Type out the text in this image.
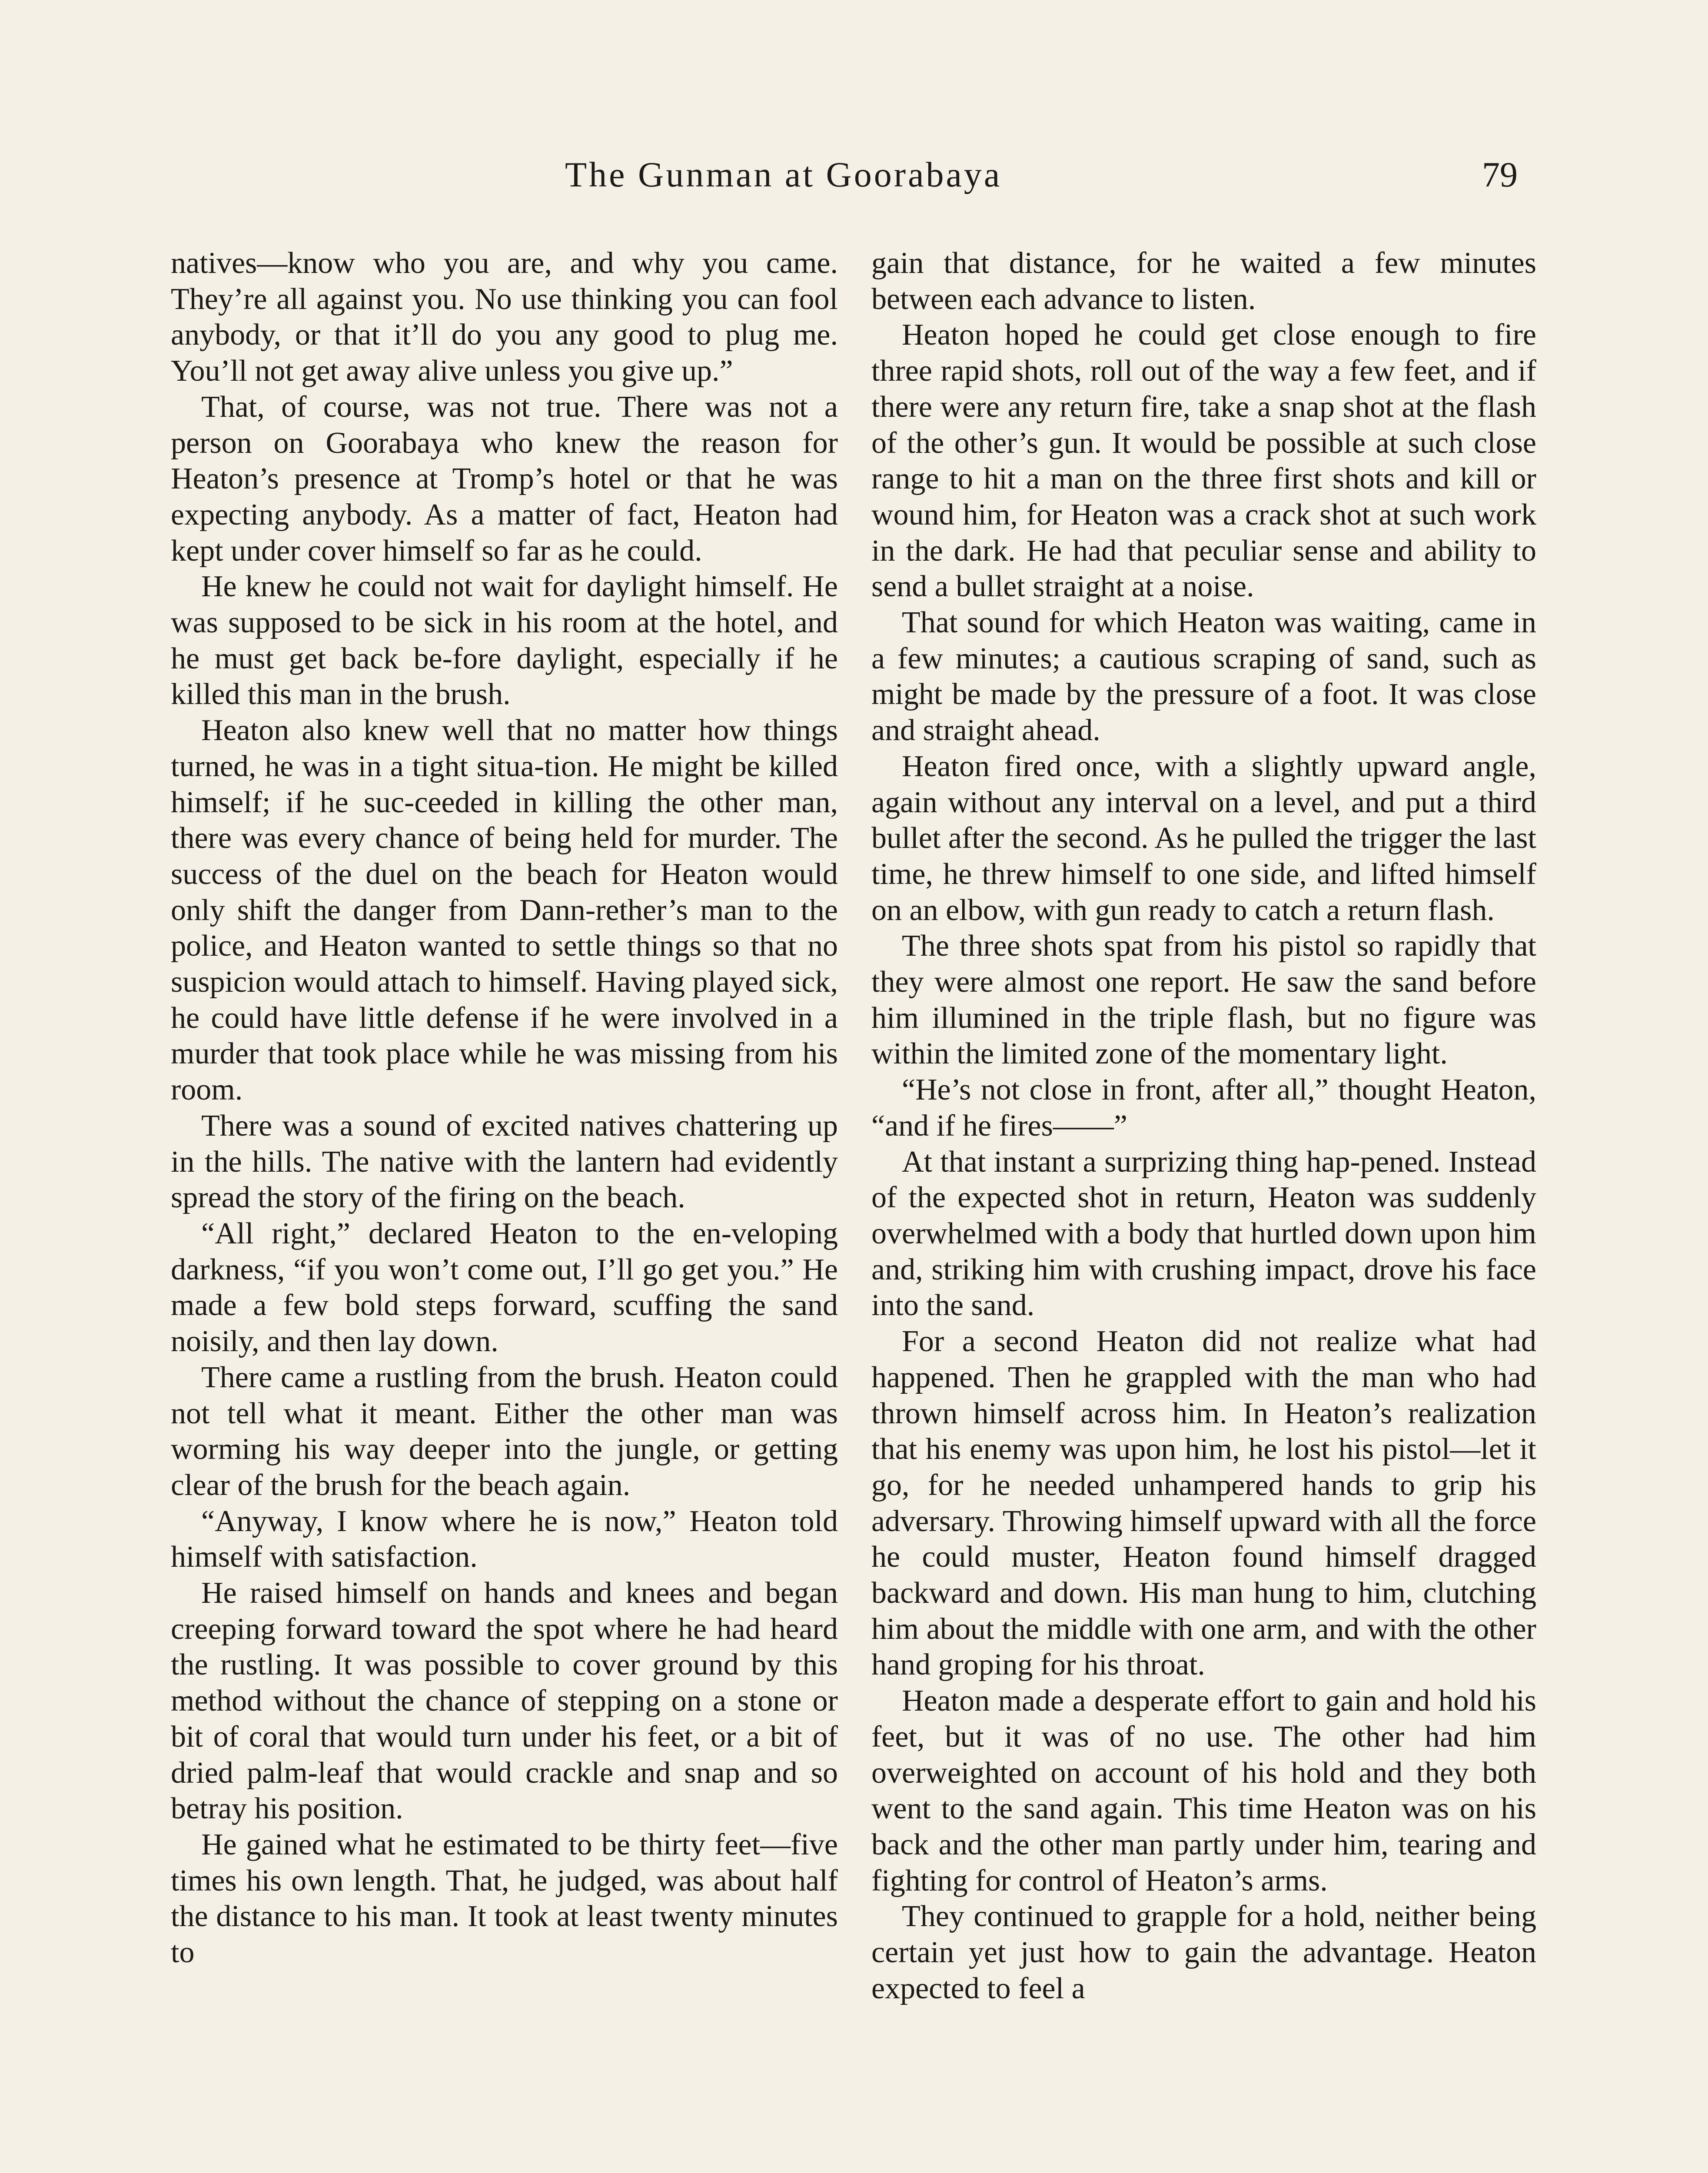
The Gunman at Goorabaya	79

natives—know who you are, and why you came. They’re all against you. No use thinking you can fool anybody, or that it’ll do you any good to plug me. You’ll not get away alive unless you give up.”

That, of course, was not true. There was not a person on Goorabaya who knew the reason for Heaton’s presence at Tromp’s hotel or that he was expecting anybody. As a matter of fact, Heaton had kept under cover himself so far as he could.

He knew he could not wait for daylight himself. He was supposed to be sick in his room at the hotel, and he must get back be-fore daylight, especially if he killed this man in the brush.

Heaton also knew well that no matter how things turned, he was in a tight situa-tion. He might be killed himself; if he suc-ceeded in killing the other man, there was every chance of being held for murder. The success of the duel on the beach for Heaton would only shift the danger from Dann-rether’s man to the police, and Heaton wanted to settle things so that no suspicion would attach to himself. Having played sick, he could have little defense if he were involved in a murder that took place while he was missing from his room.

There was a sound of excited natives chattering up in the hills. The native with the lantern had evidently spread the story of the firing on the beach.

“All right,” declared Heaton to the en-veloping darkness, “if you won’t come out, I’ll go get you.” He made a few bold steps forward, scuffing the sand noisily, and then lay down.

There came a rustling from the brush. Heaton could not tell what it meant. Either the other man was worming his way deeper into the jungle, or getting clear of the brush for the beach again.

“Anyway, I know where he is now,” Heaton told himself with satisfaction.

He raised himself on hands and knees and began creeping forward toward the spot where he had heard the rustling. It was possible to cover ground by this method without the chance of stepping on a stone or bit of coral that would turn under his feet, or a bit of dried palm-leaf that would crackle and snap and so betray his position.

He gained what he estimated to be thirty feet—five times his own length. That, he judged, was about half the distance to his man. It took at least twenty minutes to

gain that distance, for he waited a few minutes between each advance to listen.

Heaton hoped he could get close enough to fire three rapid shots, roll out of the way a few feet, and if there were any return fire, take a snap shot at the flash of the other’s gun. It would be possible at such close range to hit a man on the three first shots and kill or wound him, for Heaton was a crack shot at such work in the dark. He had that peculiar sense and ability to send a bullet straight at a noise.

That sound for which Heaton was waiting, came in a few minutes; a cautious scraping of sand, such as might be made by the pressure of a foot. It was close and straight ahead.

Heaton fired once, with a slightly upward angle, again without any interval on a level, and put a third bullet after the second. As he pulled the trigger the last time, he threw himself to one side, and lifted himself on an elbow, with gun ready to catch a return flash.

The three shots spat from his pistol so rapidly that they were almost one report. He saw the sand before him illumined in the triple flash, but no figure was within the limited zone of the momentary light.

“He’s not close in front, after all,” thought Heaton, “and if he fires——”

At that instant a surprizing thing hap-pened. Instead of the expected shot in return, Heaton was suddenly overwhelmed with a body that hurtled down upon him and, striking him with crushing impact, drove his face into the sand.

For a second Heaton did not realize what had happened. Then he grappled with the man who had thrown himself across him. In Heaton’s realization that his enemy was upon him, he lost his pistol—let it go, for he needed unhampered hands to grip his adversary. Throwing himself upward with all the force he could muster, Heaton found himself dragged backward and down. His man hung to him, clutching him about the middle with one arm, and with the other hand groping for his throat.

Heaton made a desperate effort to gain and hold his feet, but it was of no use. The other had him overweighted on account of his hold and they both went to the sand again. This time Heaton was on his back and the other man partly under him, tearing and fighting for control of Heaton’s arms.

They continued to grapple for a hold, neither being certain yet just how to gain the advantage. Heaton expected to feel a
